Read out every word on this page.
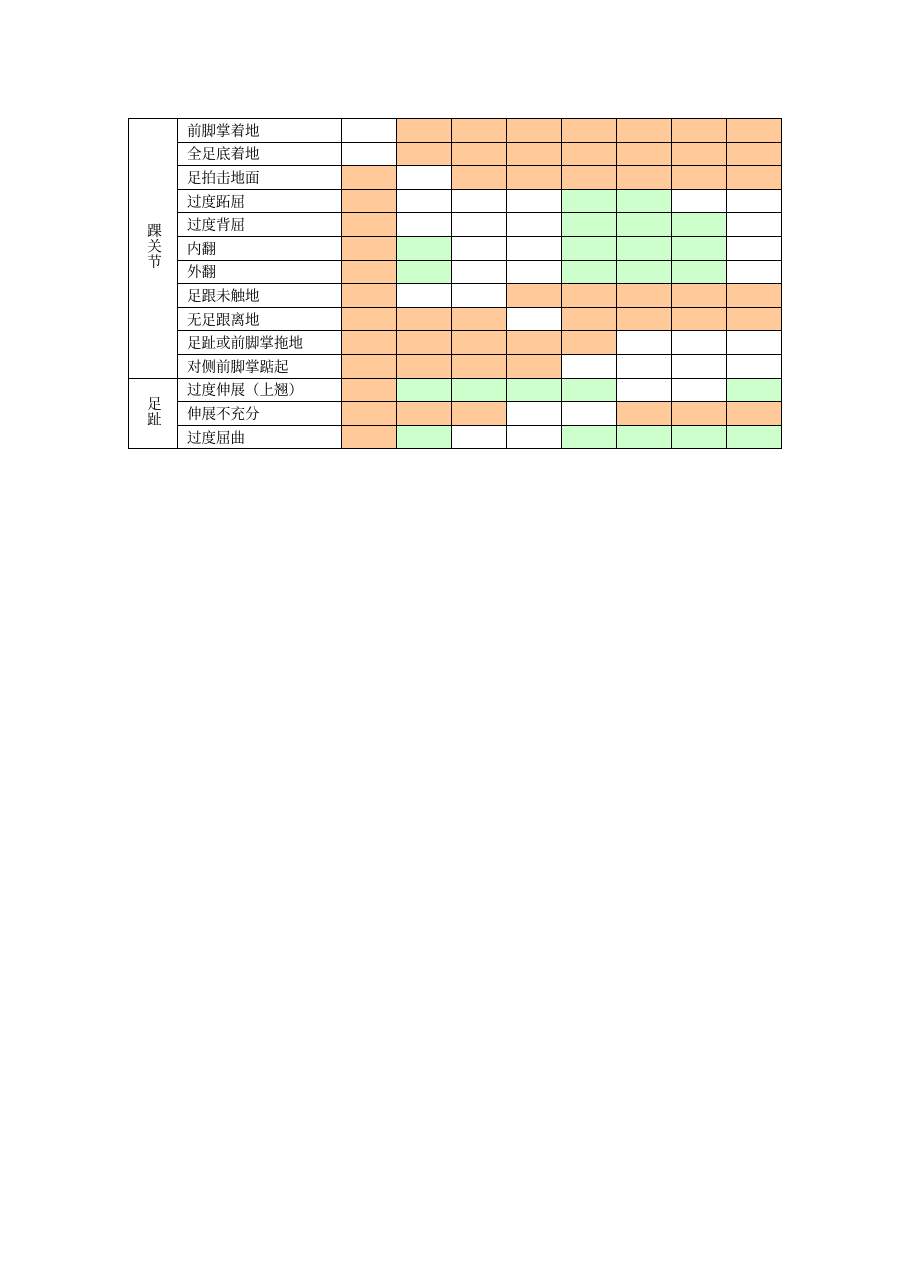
踝关节	前脚掌着地								
	全足底着地								
	足拍击地面								
	过度跖屈								
	过度背屈								
	内翻								
	外翻								
	足跟未触地								
	无足跟离地								
	足趾或前脚掌拖地								
	对侧前脚掌踮起								
足趾	过度伸展（上翘）								
	伸展不充分								
	过度屈曲								
